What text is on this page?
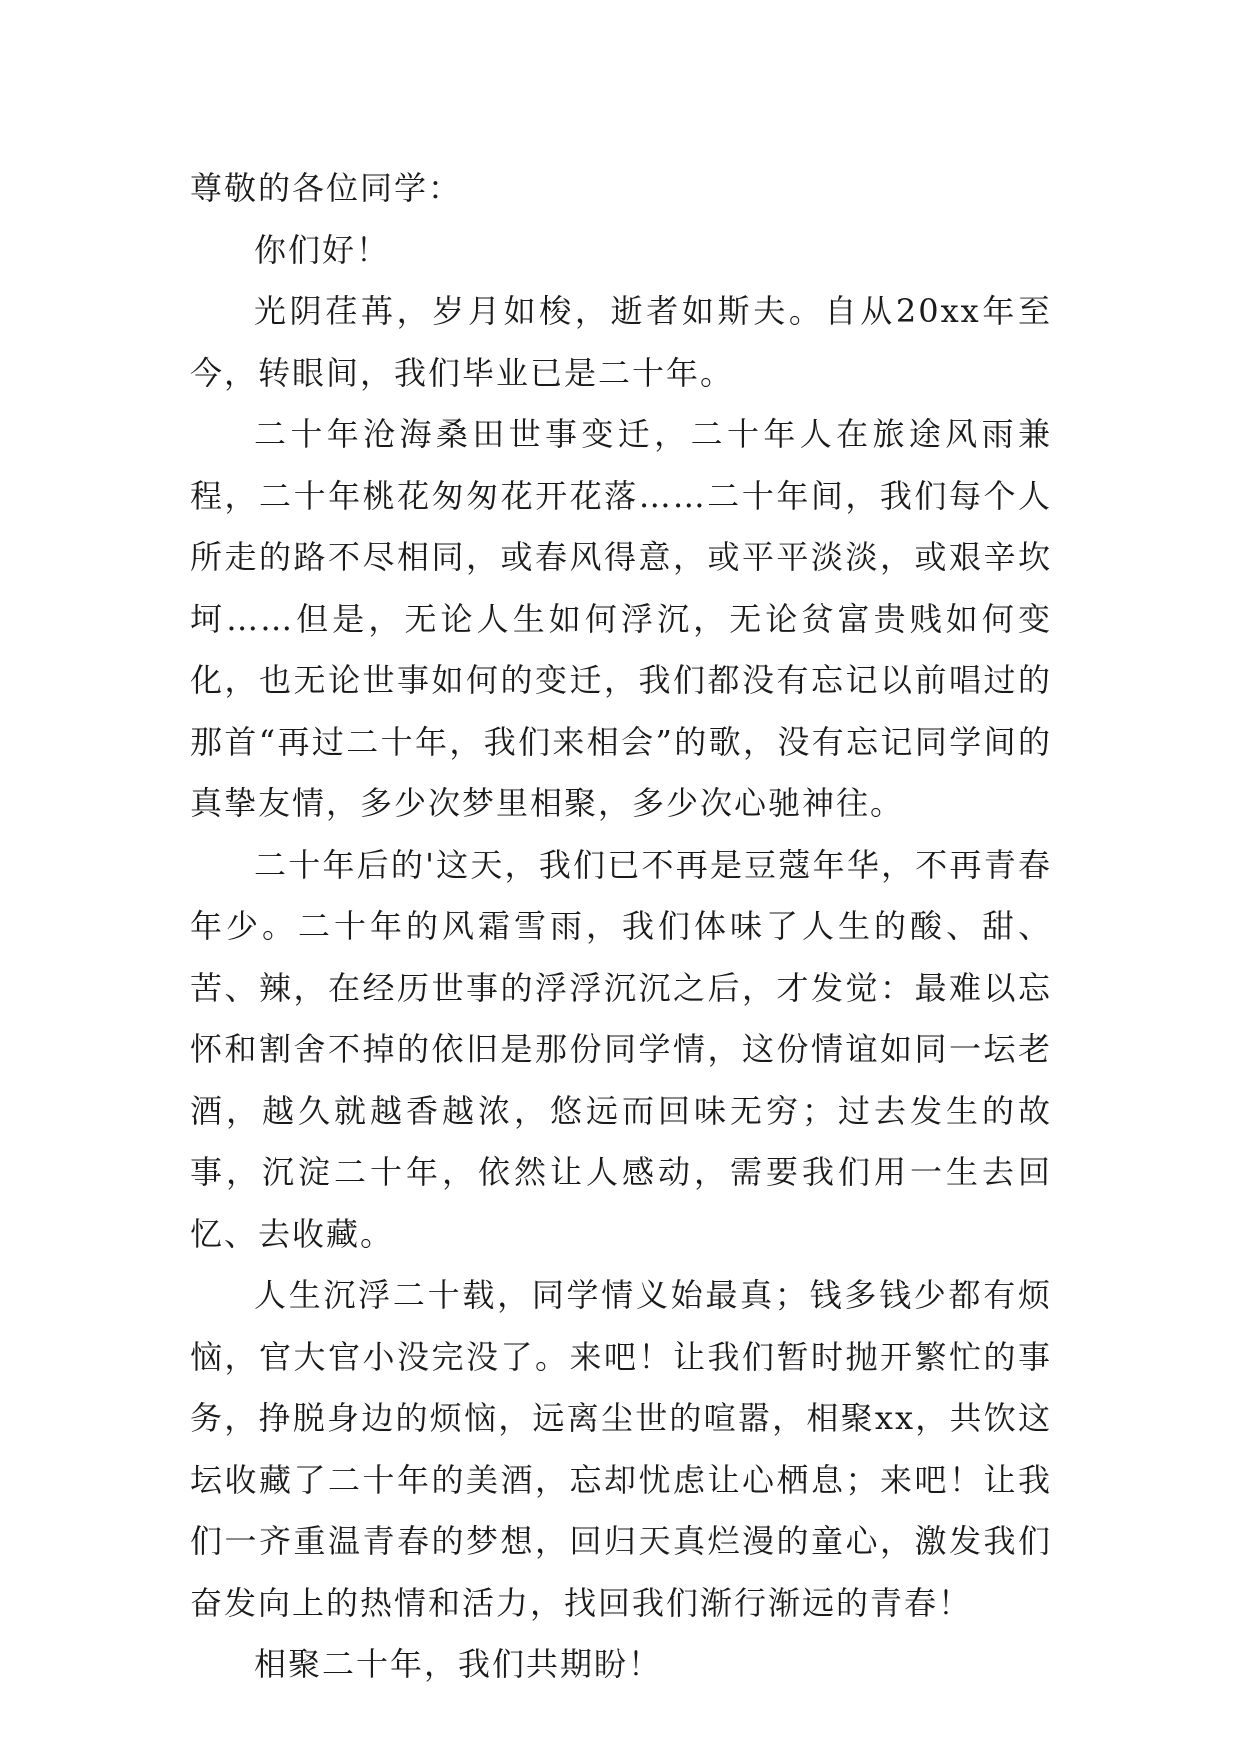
尊敬的各位同学：

你们好！

光阴荏苒，岁月如梭，逝者如斯夫。自从20xx年至今，转眼间，我们毕业已是二十年。

二十年沧海桑田世事变迁，二十年人在旅途风雨兼程，二十年桃花匆匆花开花落……二十年间，我们每个人所走的路不尽相同，或春风得意，或平平淡淡，或艰辛坎坷……但是，无论人生如何浮沉，无论贫富贵贱如何变化，也无论世事如何的变迁，我们都没有忘记以前唱过的那首“再过二十年，我们来相会”的歌，没有忘记同学间的真挚友情，多少次梦里相聚，多少次心驰神往。

二十年后的'这天，我们已不再是豆蔻年华，不再青春年少。二十年的风霜雪雨，我们体味了人生的酸、甜、苦、辣，在经历世事的浮浮沉沉之后，才发觉：最难以忘怀和割舍不掉的依旧是那份同学情，这份情谊如同一坛老酒，越久就越香越浓，悠远而回味无穷；过去发生的故事，沉淀二十年，依然让人感动，需要我们用一生去回忆、去收藏。

人生沉浮二十载，同学情义始最真；钱多钱少都有烦恼，官大官小没完没了。来吧！让我们暂时抛开繁忙的事务，挣脱身边的烦恼，远离尘世的喧嚣，相聚xx，共饮这坛收藏了二十年的美酒，忘却忧虑让心栖息；来吧！让我们一齐重温青春的梦想，回归天真烂漫的童心，激发我们奋发向上的热情和活力，找回我们渐行渐远的青春！

相聚二十年，我们共期盼！
